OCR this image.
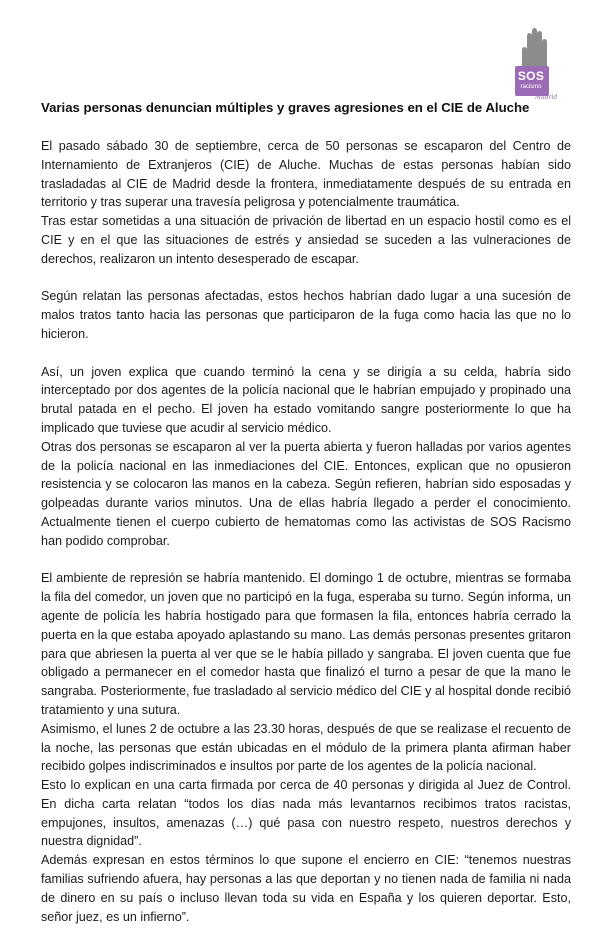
SOS
racismo
Madrid
Varias personas denuncian múltiples y graves agresiones en el CIE de Aluche

El pasado sábado 30 de septiembre, cerca de 50 personas se escaparon del Centro de Internamiento de Extranjeros (CIE) de Aluche. Muchas de estas personas habían sido trasladadas al CIE de Madrid desde la frontera, inmediatamente después de su entrada en territorio y tras superar una travesía peligrosa y potencialmente traumática.

Tras estar sometidas a una situación de privación de libertad en un espacio hostil como es el CIE y en el que las situaciones de estrés y ansiedad se suceden a las vulneraciones de derechos, realizaron un intento desesperado de escapar.

Según relatan las personas afectadas, estos hechos habrían dado lugar a una sucesión de malos tratos tanto hacia las personas que participaron de la fuga como hacia las que no lo hicieron.

Así, un joven explica que cuando terminó la cena y se dirigía a su celda, habría sido interceptado por dos agentes de la policía nacional que le habrían empujado y propinado una brutal patada en el pecho. El joven ha estado vomitando sangre posteriormente lo que ha implicado que tuviese que acudir al servicio médico.

Otras dos personas se escaparon al ver la puerta abierta y fueron halladas por varios agentes de la policía nacional en las inmediaciones del CIE. Entonces, explican que no opusieron resistencia y se colocaron las manos en la cabeza. Según refieren, habrían sido esposadas y golpeadas durante varios minutos. Una de ellas habría llegado a perder el conocimiento. Actualmente tienen el cuerpo cubierto de hematomas como las activistas de SOS Racismo han podido comprobar.

El ambiente de represión se habría mantenido. El domingo 1 de octubre, mientras se formaba la fila del comedor, un joven que no participó en la fuga, esperaba su turno. Según informa, un agente de policía les habría hostigado para que formasen la fila, entonces habría cerrado la puerta en la que estaba apoyado aplastando su mano. Las demás personas presentes gritaron para que abriesen la puerta al ver que se le había pillado y sangraba. El joven cuenta que fue obligado a permanecer en el comedor hasta que finalizó el turno a pesar de que la mano le sangraba. Posteriormente, fue trasladado al servicio médico del CIE y al hospital donde recibió tratamiento y una sutura.

Asimismo, el lunes 2 de octubre a las 23.30 horas, después de que se realizase el recuento de la noche, las personas que están ubicadas en el módulo de la primera planta afirman haber recibido golpes indiscriminados e insultos por parte de los agentes de la policía nacional.

Esto lo explican en una carta firmada por cerca de 40 personas y dirigida al Juez de Control. En dicha carta relatan “todos los días nada más levantarnos recibimos tratos racistas, empujones, insultos, amenazas (…) qué pasa con nuestro respeto, nuestros derechos y nuestra dignidad”.

Además expresan en estos términos lo que supone el encierro en CIE: “tenemos nuestras familias sufriendo afuera, hay personas a las que deportan y no tienen nada de familia ni nada de dinero en su país o incluso llevan toda su vida en España y los quieren deportar. Esto, señor juez, es un infierno”.
